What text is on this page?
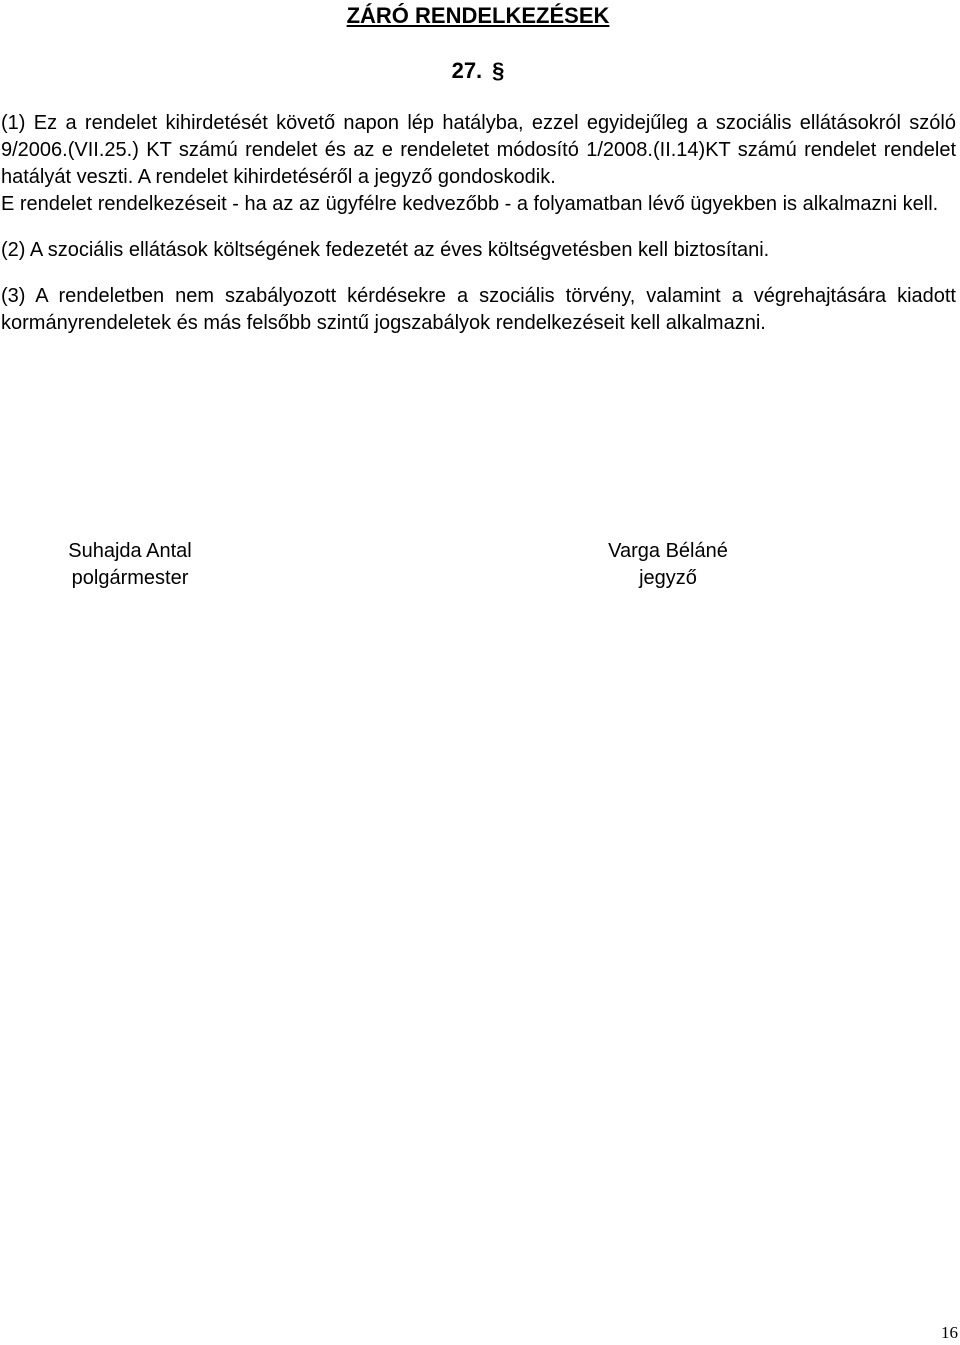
ZÁRÓ RENDELKEZÉSEK
27. §

(1) Ez a rendelet kihirdetését követő napon lép hatályba, ezzel egyidejűleg a szociális ellátásokról szóló 9/2006.(VII.25.) KT számú rendelet és az e rendeletet módosító 1/2008.(II.14)KT számú rendelet rendelet hatályát veszti. A rendelet kihirdetéséről a jegyző gondoskodik.

E rendelet rendelkezéseit - ha az az ügyfélre kedvezőbb - a folyamatban lévő ügyekben is alkalmazni kell.

(2) A szociális ellátások költségének fedezetét az éves költségvetésben kell biztosítani.

(3) A rendeletben nem szabályozott kérdésekre a szociális törvény, valamint a végrehajtására kiadott kormányrendeletek és más felsőbb szintű jogszabályok rendelkezéseit kell alkalmazni.

Suhajda Antal
polgármester
Varga Béláné
jegyző
16
